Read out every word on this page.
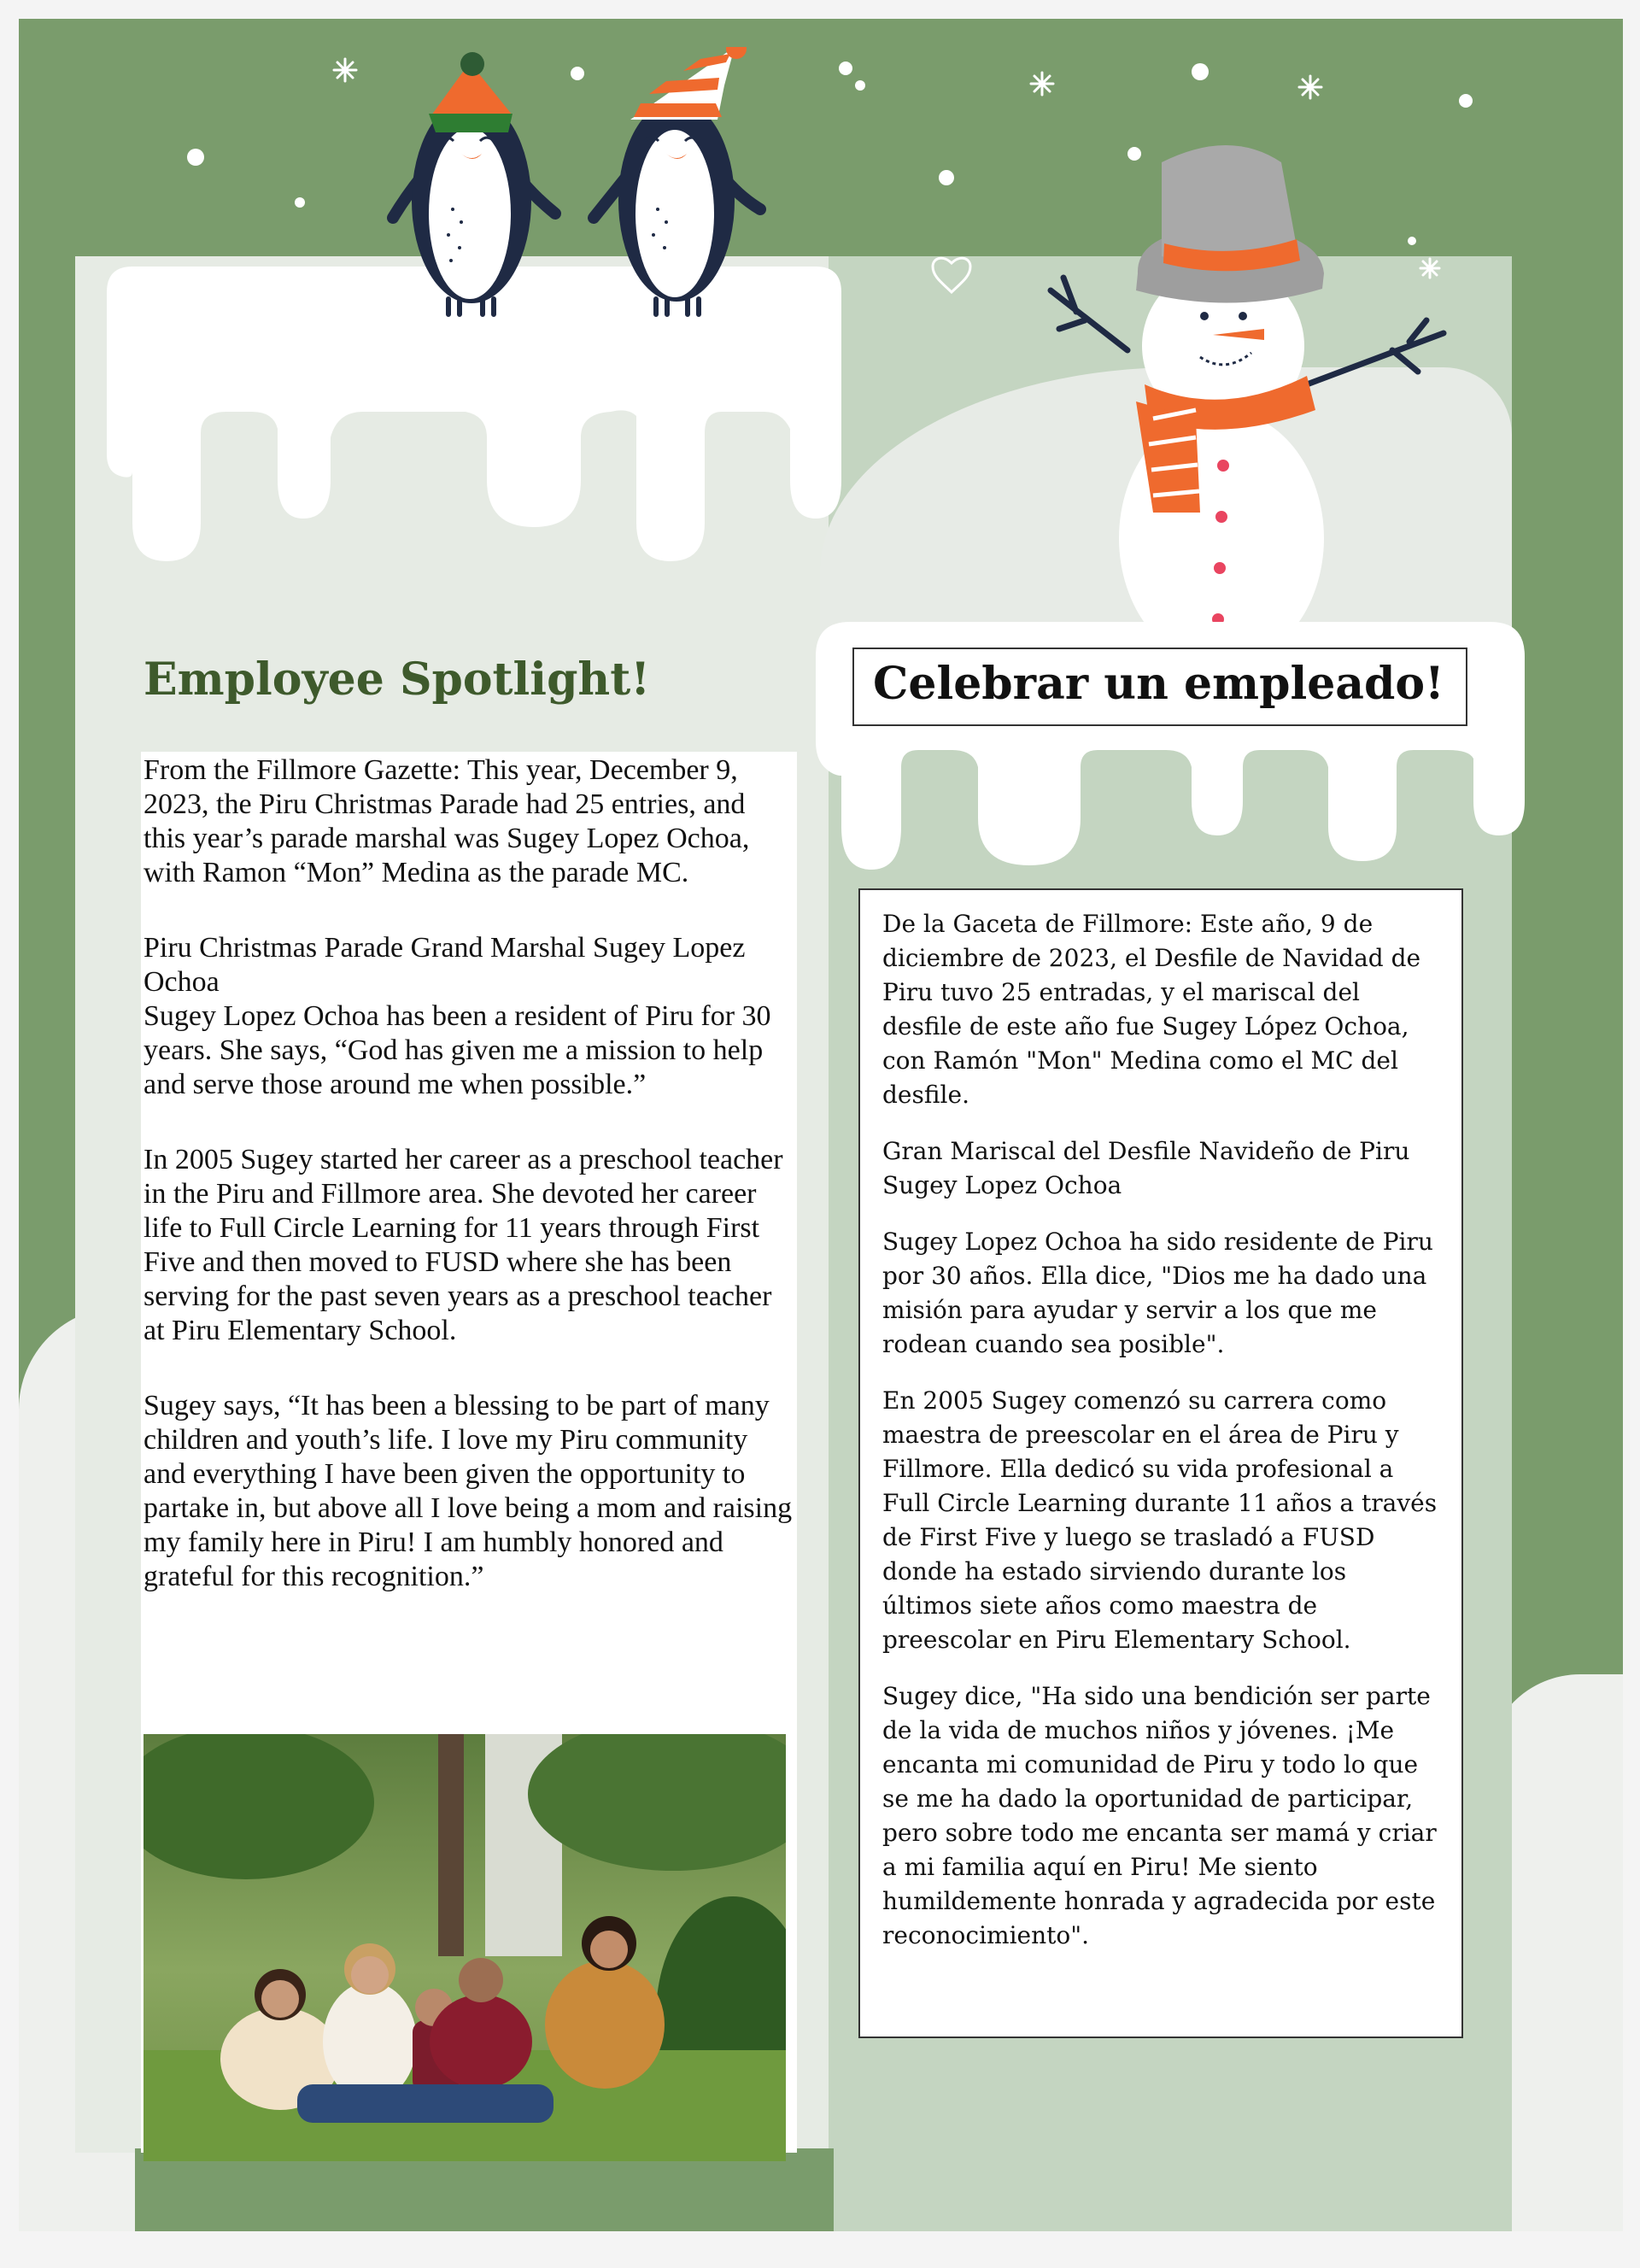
Employee Spotlight!

From the Fillmore Gazette: This year, December 9, 2023, the Piru Christmas Parade had 25 entries, and this year’s parade marshal was Sugey Lopez Ochoa, with Ramon “Mon” Medina as the parade MC.

Piru Christmas Parade Grand Marshal Sugey Lopez Ochoa
Sugey Lopez Ochoa has been a resident of Piru for 30 years. She says, “God has given me a mission to help and serve those around me when possible.”

In 2005 Sugey started her career as a preschool teacher in the Piru and Fillmore area. She devoted her career life to Full Circle Learning for 11 years through First Five and then moved to FUSD where she has been serving for the past seven years as a preschool teacher at Piru Elementary School.

Sugey says, “It has been a blessing to be part of many children and youth’s life. I love my Piru community and everything I have been given the opportunity to partake in, but above all I love being a mom and raising my family here in Piru! I am humbly honored and grateful for this recognition.”

Celebrar un empleado!

De la Gaceta de Fillmore: Este año, 9 de diciembre de 2023, el Desfile de Navidad de Piru tuvo 25 entradas, y el mariscal del desfile de este año fue Sugey López Ochoa, con Ramón "Mon" Medina como el MC del desfile.

Gran Mariscal del Desfile Navideño de Piru Sugey Lopez Ochoa

Sugey Lopez Ochoa ha sido residente de Piru por 30 años. Ella dice, "Dios me ha dado una misión para ayudar y servir a los que me rodean cuando sea posible".

En 2005 Sugey comenzó su carrera como maestra de preescolar en el área de Piru y Fillmore. Ella dedicó su vida profesional a Full Circle Learning durante 11 años a través de First Five y luego se trasladó a FUSD donde ha estado sirviendo durante los últimos siete años como maestra de preescolar en Piru Elementary School.

Sugey dice, "Ha sido una bendición ser parte de la vida de muchos niños y jóvenes. ¡Me encanta mi comunidad de Piru y todo lo que se me ha dado la oportunidad de participar, pero sobre todo me encanta ser mamá y criar a mi familia aquí en Piru! Me siento humildemente honrada y agradecida por este reconocimiento".
